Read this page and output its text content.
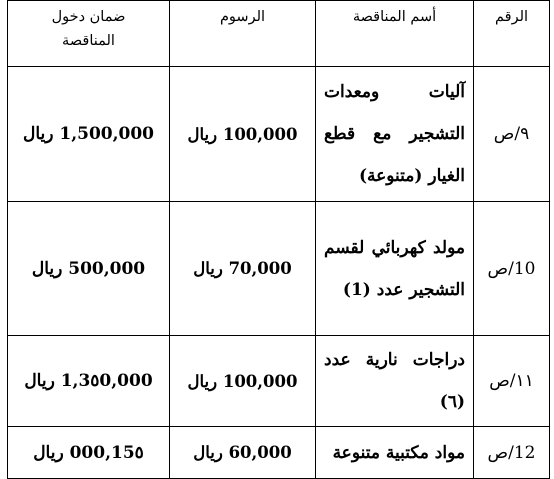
الرقم	أسم المناقصة	الرسوم	ضمان دخول
المناقصة

٩/ص	آليات ومعدات التشجير مع قطع الغيار (متنوعة)	100,000 ريال	1,500,000 ريال
10/ص	مولد كهربائي لقسم التشجير عدد (1)	70,000 ريال	500,000 ريال
١١/ص	دراجات نارية عدد (٦)	100,000 ريال	1,3٥0,000 ريال
12/ص	مواد مكتبية متنوعة	60,000 ريال	15٥,000 ريال
